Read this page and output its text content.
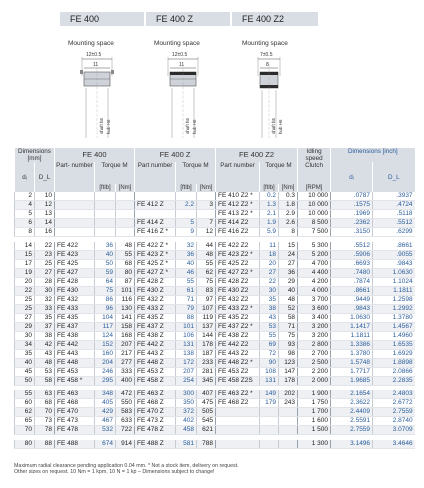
FE 400	FE 400 Z	FE 400 Z2
Mounting space	Mounting space	Mounting space
12±0.5
11
shaft h5 hub H6
12±0.5
11
shaft h5 hub H6
7±0.5
8
shaft h5 hub H6
Dimensions [mm]		FE 400			FE 400 Z			FE 400 Z2			Idling speed Clutch	Dimensions [inch]	
dᵢ	D_L	Part- number	Torque M		Part number	Torque M		Part number	Torque M			dᵢ	D_L
			[ftlb]	[Nm]		[ftlb]	[Nm]		[ftlb]	[Nm]	[RPM]		
2	10							FE 410 Z2 *	0.2	0.3	10 000	.0787	.3937
4	12				FE 412 Z	2.2	3	FE 412 Z2 *	1.3	1.8	10 000	.1575	.4724
5	13							FE 413 Z2 *	2.1	2.9	10 000	.1969	.5118
6	14				FE 414 Z	5	7	FE 414 Z2	1.9	2.6	8 500	.2362	.5512
8	16				FE 416 Z *	9	12	FE 416 Z2	5.9	8	7 500	.3150	.6299

14	22	FE 422	36	48	FE 422 Z *	32	44	FE 422 Z2	11	15	5 300	.5512	.8661
15	23	FE 423	40	55	FE 423 Z *	36	48	FE 423 Z2 *	18	24	5 200	.5906	.9055
17	25	FE 425	50	68	FE 425 Z *	40	55	FE 425 Z2	20	27	4 700	.6693	.9843
19	27	FE 427	59	80	FE 427 Z *	46	62	FE 427 Z2 *	27	36	4 400	.7480	1.0630
20	28	FE 428	64	87	FE 428 Z	55	75	FE 428 Z2	22	29	4 200	.7874	1.1024
22	30	FE 430	75	101	FE 430 Z	61	83	FE 430 Z2	30	40	4 000	.8661	1.1811
25	32	FE 432	86	116	FE 432 Z	71	97	FE 432 Z2	35	48	3 700	.9449	1.2598
25	33	FE 433	96	130	FE 433 Z	79	107	FE 433 Z2 *	38	52	3 600	.9843	1.2992
27	35	FE 435	104	141	FE 435 Z	88	119	FE 435 Z2	43	58	3 400	1.0630	1.3780
29	37	FE 437	117	158	FE 437 Z	101	137	FE 437 Z2 *	53	71	3 200	1.1417	1.4567
30	38	FE 438	124	168	FE 438 Z	106	144	FE 438 Z2	55	75	3 200	1.1811	1.4960
34	42	FE 442	152	207	FE 442 Z	131	178	FE 442 Z2	69	93	2 800	1.3386	1.6535
35	43	FE 443	160	217	FE 443 Z	138	187	FE 443 Z2	72	98	2 700	1.3780	1.6929
40	48	FE 448	204	277	FE 448 Z	172	233	FE 448 Z2 *	90	123	2 500	1.5748	1.8898
45	53	FE 453	246	333	FE 453 Z	207	281	FE 453 Z2	108	147	2 200	1.7717	2.0866
50	58	FE 458 *	295	400	FE 458 Z	254	345	FE 458 Z2S	131	178	2 000	1.9685	2.2835

55	63	FE 463	348	472	FE 463 Z	300	407	FE 463 Z2 *	149	202	1 900	2.1654	2.4803
60	68	FE 468	405	550	FE 468 Z	350	475	FE 468 Z2	179	243	1 750	2.3622	2.6772
62	70	FE 470	429	583	FE 470 Z	372	505				1 700	2.4409	2.7559
65	73	FE 473	467	633	FE 473 Z	402	545				1 600	2.5591	2.8740
70	78	FE 478	532	722	FE 478 Z	458	621				1 500	2.7559	3.0709

80	88	FE 488	674	914	FE 488 Z	581	788				1 300	3.1496	3.4646
Maximum radial clearance pending application 0.04 mm. * Not a stock item, delivery on request.
Other sizes on request. 10 Nm = 1 kpm, 10 N = 1 kp – Dimensions subject to change!
